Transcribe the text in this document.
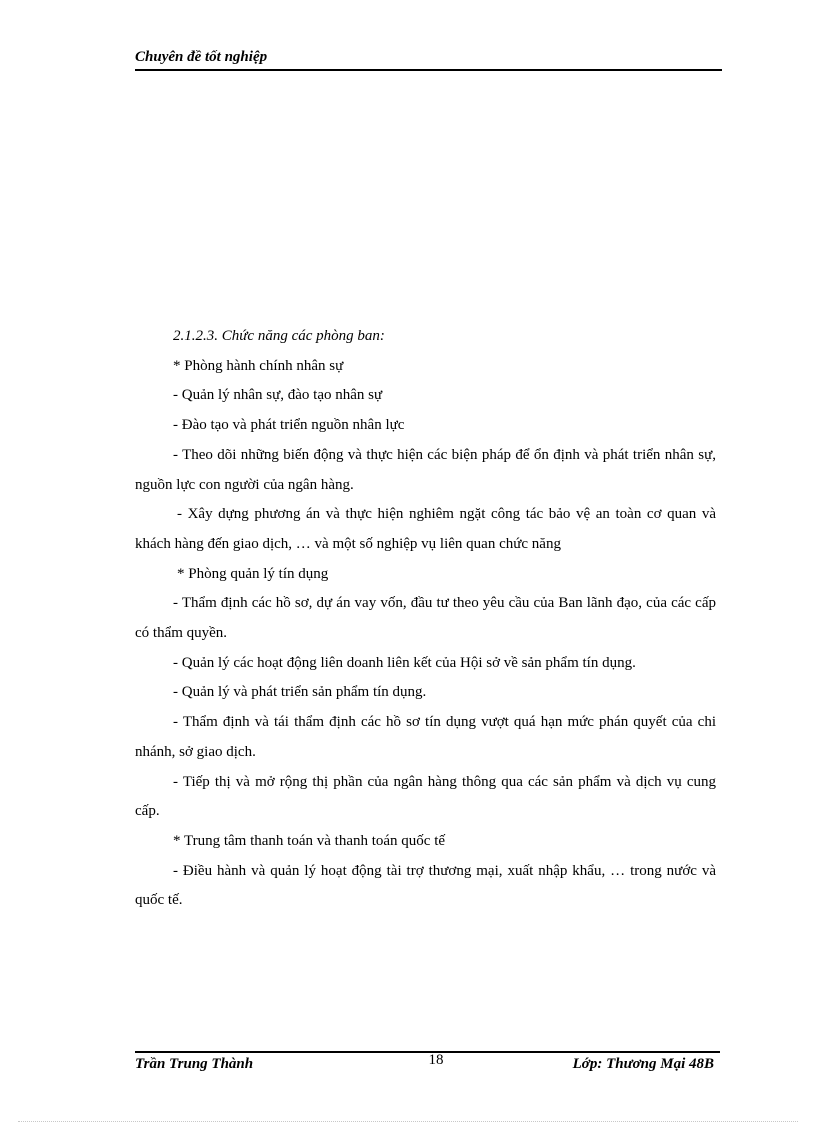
Chuyên đề tốt nghiệp

2.1.2.3. Chức năng các phòng ban:

* Phòng hành chính nhân sự

- Quản lý nhân sự, đào tạo nhân sự

- Đào tạo và phát triển nguồn nhân lực

- Theo dõi những biến động và thực hiện các biện pháp để ổn định và phát triển nhân sự, nguồn lực con người của ngân hàng.

- Xây dựng phương án và thực hiện nghiêm ngặt công tác bảo vệ an toàn cơ quan và khách hàng đến giao dịch, … và một số nghiệp vụ liên quan chức năng

* Phòng quản lý tín dụng

- Thẩm định các hồ sơ, dự án vay vốn, đầu tư theo yêu cầu của Ban lãnh đạo, của các cấp có thẩm quyền.

- Quản lý các hoạt động liên doanh liên kết của Hội sở về sản phẩm tín dụng.

- Quản lý và phát triển sản phẩm tín dụng.

- Thẩm định và tái thẩm định các hồ sơ tín dụng vượt quá hạn mức phán quyết của chi nhánh, sở giao dịch.

- Tiếp thị và mở rộng thị phần của ngân hàng thông qua các sản phẩm và dịch vụ cung cấp.

* Trung tâm thanh toán và thanh toán quốc tế

- Điều hành và quản lý hoạt động tài trợ thương mại, xuất nhập khẩu, … trong nước và quốc tế.

Trần Trung Thành	18	Lớp: Thương Mại 48B
